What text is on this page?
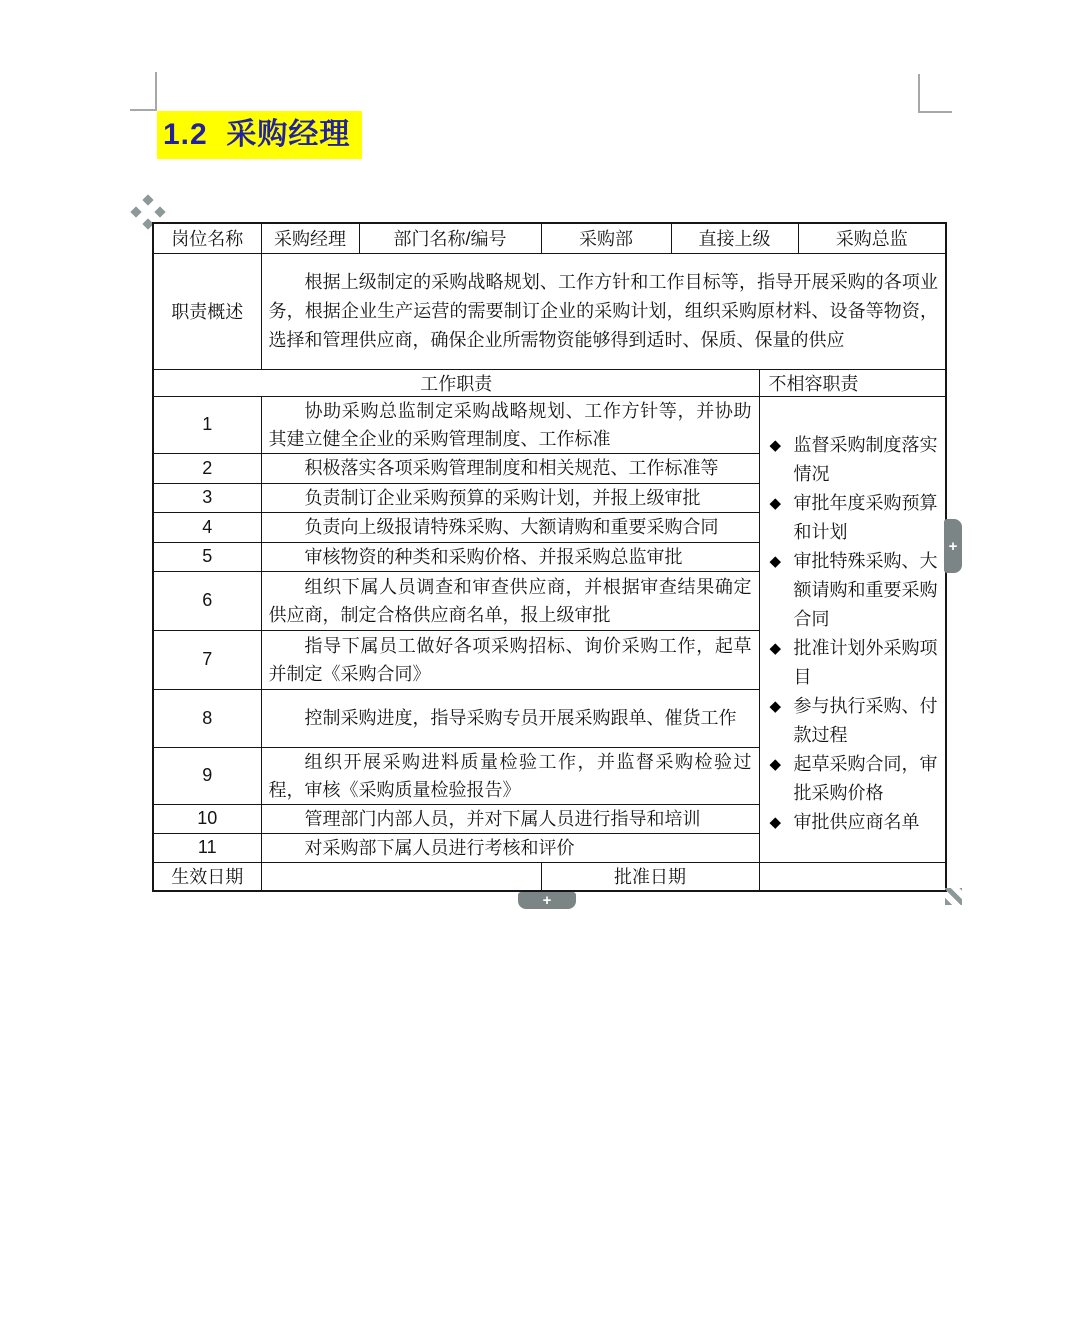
1.2  采购经理
岗位名称	采购经理	部门名称/编号	采购部	直接上级		采购总监
职责概述	根据上级制定的采购战略规划、工作方针和工作目标等，指导开展采购的各项业务，根据企业生产运营的需要制订企业的采购计划，组织采购原材料、设备等物资，选择和管理供应商，确保企业所需物资能够得到适时、保质、保量的供应					
工作职责					不相容职责	
1	协助采购总监制定采购战略规划、工作方针等，并协助其建立健全企业的采购管理制度、工作标准	◆ 监督采购制度落实情况
◆ 审批年度采购预算和计划
◆ 审批特殊采购、大额请购和重要采购合同
◆ 批准计划外采购项目
◆ 参与执行采购、付款过程
◆ 起草采购合同，审批采购价格
◆ 审批供应商名单

2	积极落实各项采购管理制度和相关规范、工作标准等					
3	负责制订企业采购预算的采购计划，并报上级审批					
4	负责向上级报请特殊采购、大额请购和重要采购合同					
5	审核物资的种类和采购价格、并报采购总监审批					
6	组织下属人员调查和审查供应商，并根据审查结果确定供应商，制定合格供应商名单，报上级审批					
7	指导下属员工做好各项采购招标、询价采购工作，起草并制定《采购合同》					
8	控制采购进度，指导采购专员开展采购跟单、催货工作					
9	组织开展采购进料质量检验工作，并监督采购检验过程，审核《采购质量检验报告》					
10	管理部门内部人员，并对下属人员进行指导和培训					
11	对采购部下属人员进行考核和评价					
生效日期			批准日期			
+
+
